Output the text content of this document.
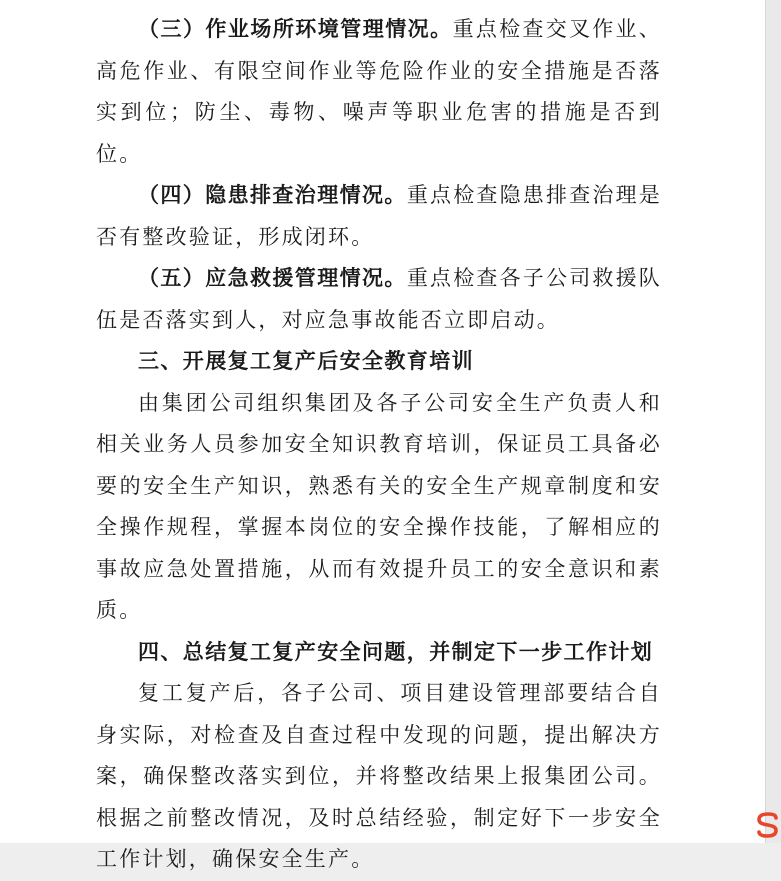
（三）作业场所环境管理情况。重点检查交叉作业、高危作业、有限空间作业等危险作业的安全措施是否落实到位；防尘、毒物、噪声等职业危害的措施是否到位。

（四）隐患排查治理情况。重点检查隐患排查治理是否有整改验证，形成闭环。

（五）应急救援管理情况。重点检查各子公司救援队伍是否落实到人，对应急事故能否立即启动。

三、开展复工复产后安全教育培训

由集团公司组织集团及各子公司安全生产负责人和相关业务人员参加安全知识教育培训，保证员工具备必要的安全生产知识，熟悉有关的安全生产规章制度和安全操作规程，掌握本岗位的安全操作技能，了解相应的事故应急处置措施，从而有效提升员工的安全意识和素质。

四、总结复工复产安全问题，并制定下一步工作计划

复工复产后，各子公司、项目建设管理部要结合自身实际，对检查及自查过程中发现的问题，提出解决方案，确保整改落实到位，并将整改结果上报集团公司。根据之前整改情况，及时总结经验，制定好下一步安全工作计划，确保安全生产。
